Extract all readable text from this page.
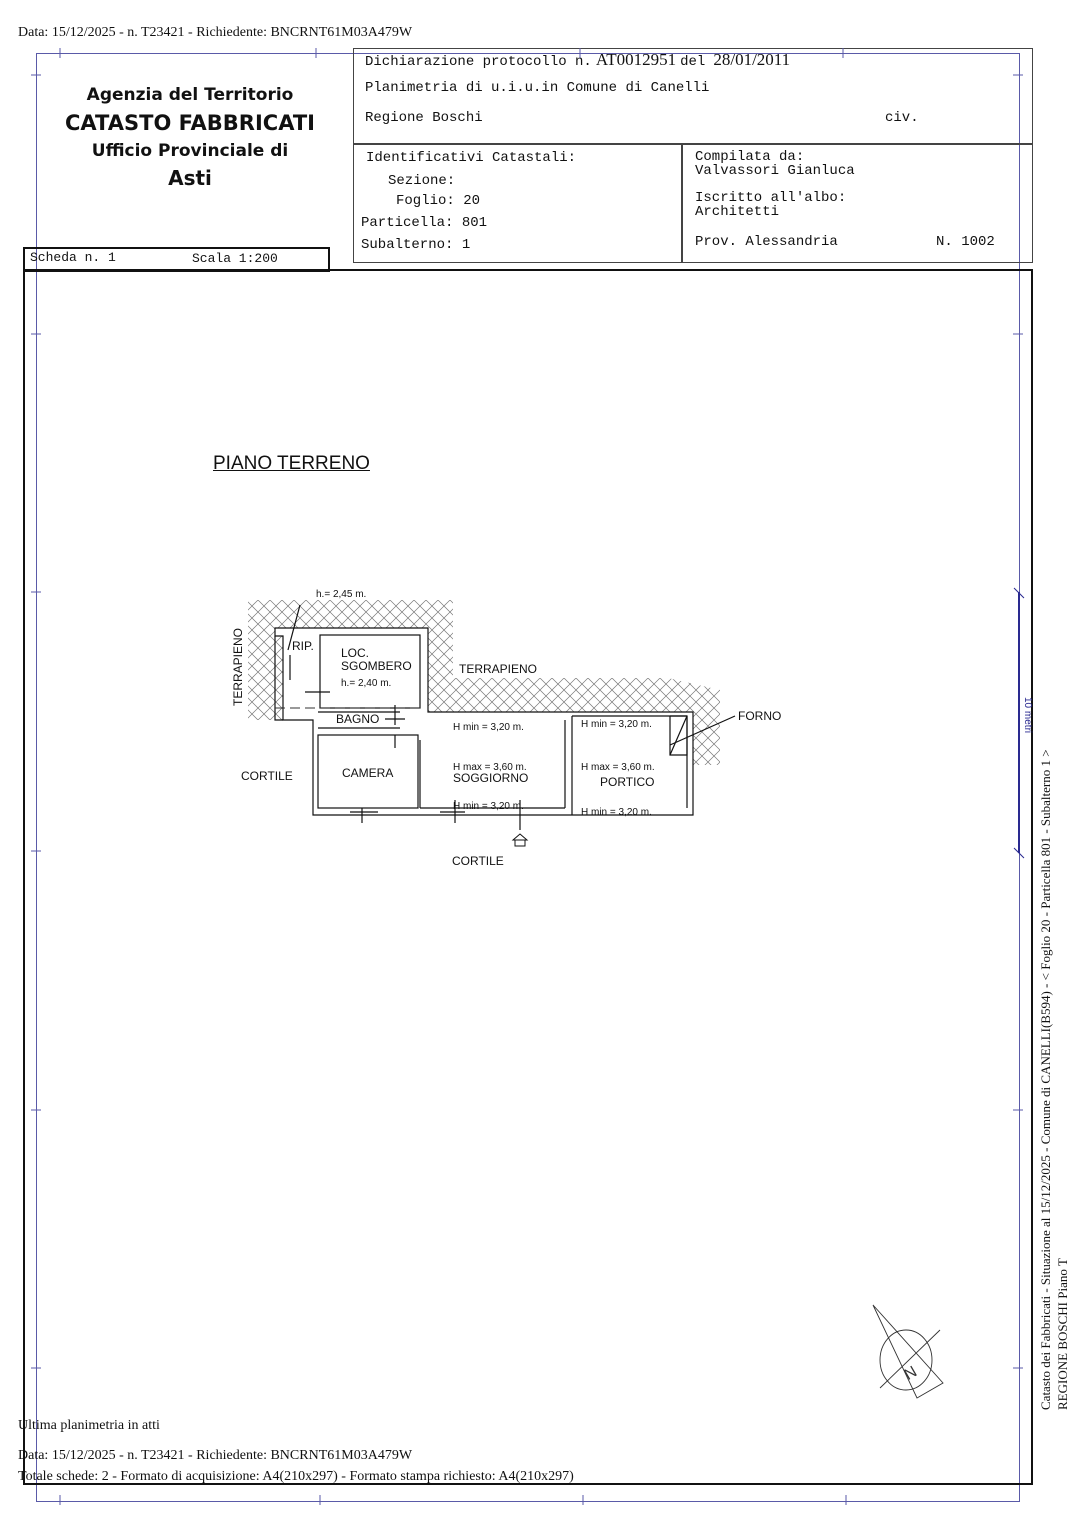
Data: 15/12/2025 - n. T23421 - Richiedente: BNCRNT61M03A479W
Agenzia del Territorio
CATASTO FABBRICATI
Ufficio Provinciale di
Asti
Scheda n. 1	Scala 1:200
Dichiarazione protocollo n. AT0012951 del 28/01/2011
Planimetria di u.i.u.in Comune di Canelli
Regione Boschi	civ.
Identificativi Catastali:
Sezione:
Foglio: 20
Particella: 801
Subalterno: 1
Compilata da:
Valvassori Gianluca
Iscritto all'albo:
Architetti
Prov. Alessandria	N. 1002
PIANO TERRENO
h.= 2,45 m.
RIP. LOC.
SGOMBERO
h.= 2,40 m.
TERRAPIENO
TERRAPIENO
BAGNO
CAMERA
CORTILE
H min = 3,20 m.
H max = 3,60 m.
SOGGIORNO
H min = 3,20 m.
H min = 3,20 m.
H max = 3,60 m.
PORTICO
H min = 3,20 m.
FORNO
CORTILE
10 metri
N	Catasto dei Fabbricati - Situazione al 15/12/2025 - Comune di CANELLI(B594) - < Foglio 20 - Particella 801 - Subalterno 1 > REGIONE BOSCHI Piano T
Ultima planimetria in atti
Data: 15/12/2025 - n. T23421 - Richiedente: BNCRNT61M03A479W
Totale schede: 2 - Formato di acquisizione: A4(210x297) - Formato stampa richiesto: A4(210x297)
